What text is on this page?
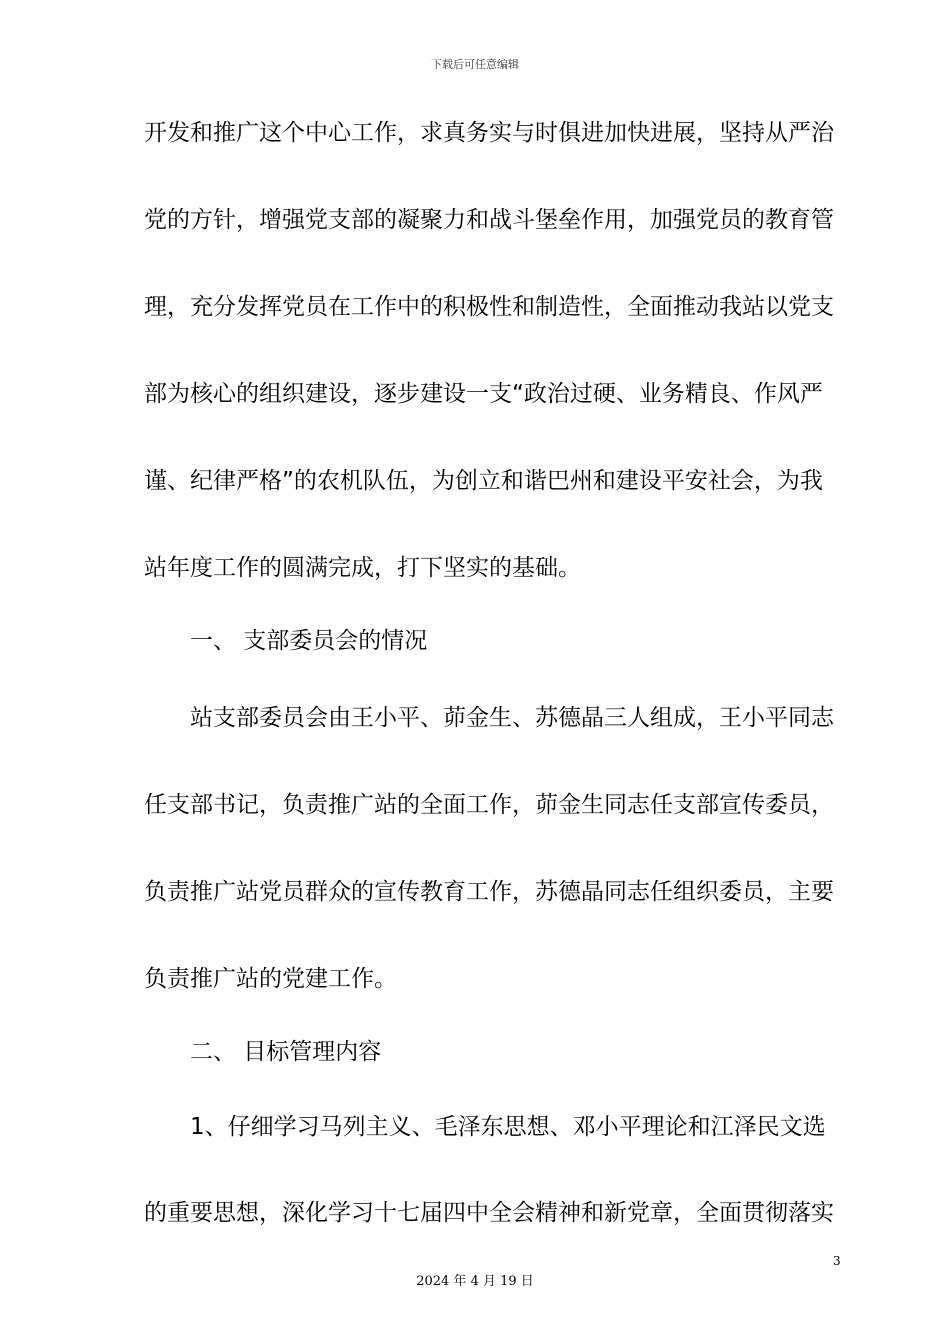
下载后可任意编辑
开发和推广这个中心工作，求真务实与时俱进加快进展，坚持从严治
党的方针，增强党支部的凝聚力和战斗堡垒作用，加强党员的教育管
理，充分发挥党员在工作中的积极性和制造性，全面推动我站以党支
部为核心的组织建设，逐步建设一支“政治过硬、业务精良、作风严
谨、纪律严格”的农机队伍，为创立和谐巴州和建设平安社会，为我
站年度工作的圆满完成，打下坚实的基础。
一、 支部委员会的情况
站支部委员会由王小平、茆金生、苏德晶三人组成，王小平同志
任支部书记，负责推广站的全面工作，茆金生同志任支部宣传委员，
负责推广站党员群众的宣传教育工作，苏德晶同志任组织委员，主要
负责推广站的党建工作。
二、 目标管理内容
1、仔细学习马列主义、毛泽东思想、邓小平理论和江泽民文选
的重要思想，深化学习十七届四中全会精神和新党章，全面贯彻落实
3
2024 年 4 月 19 日
